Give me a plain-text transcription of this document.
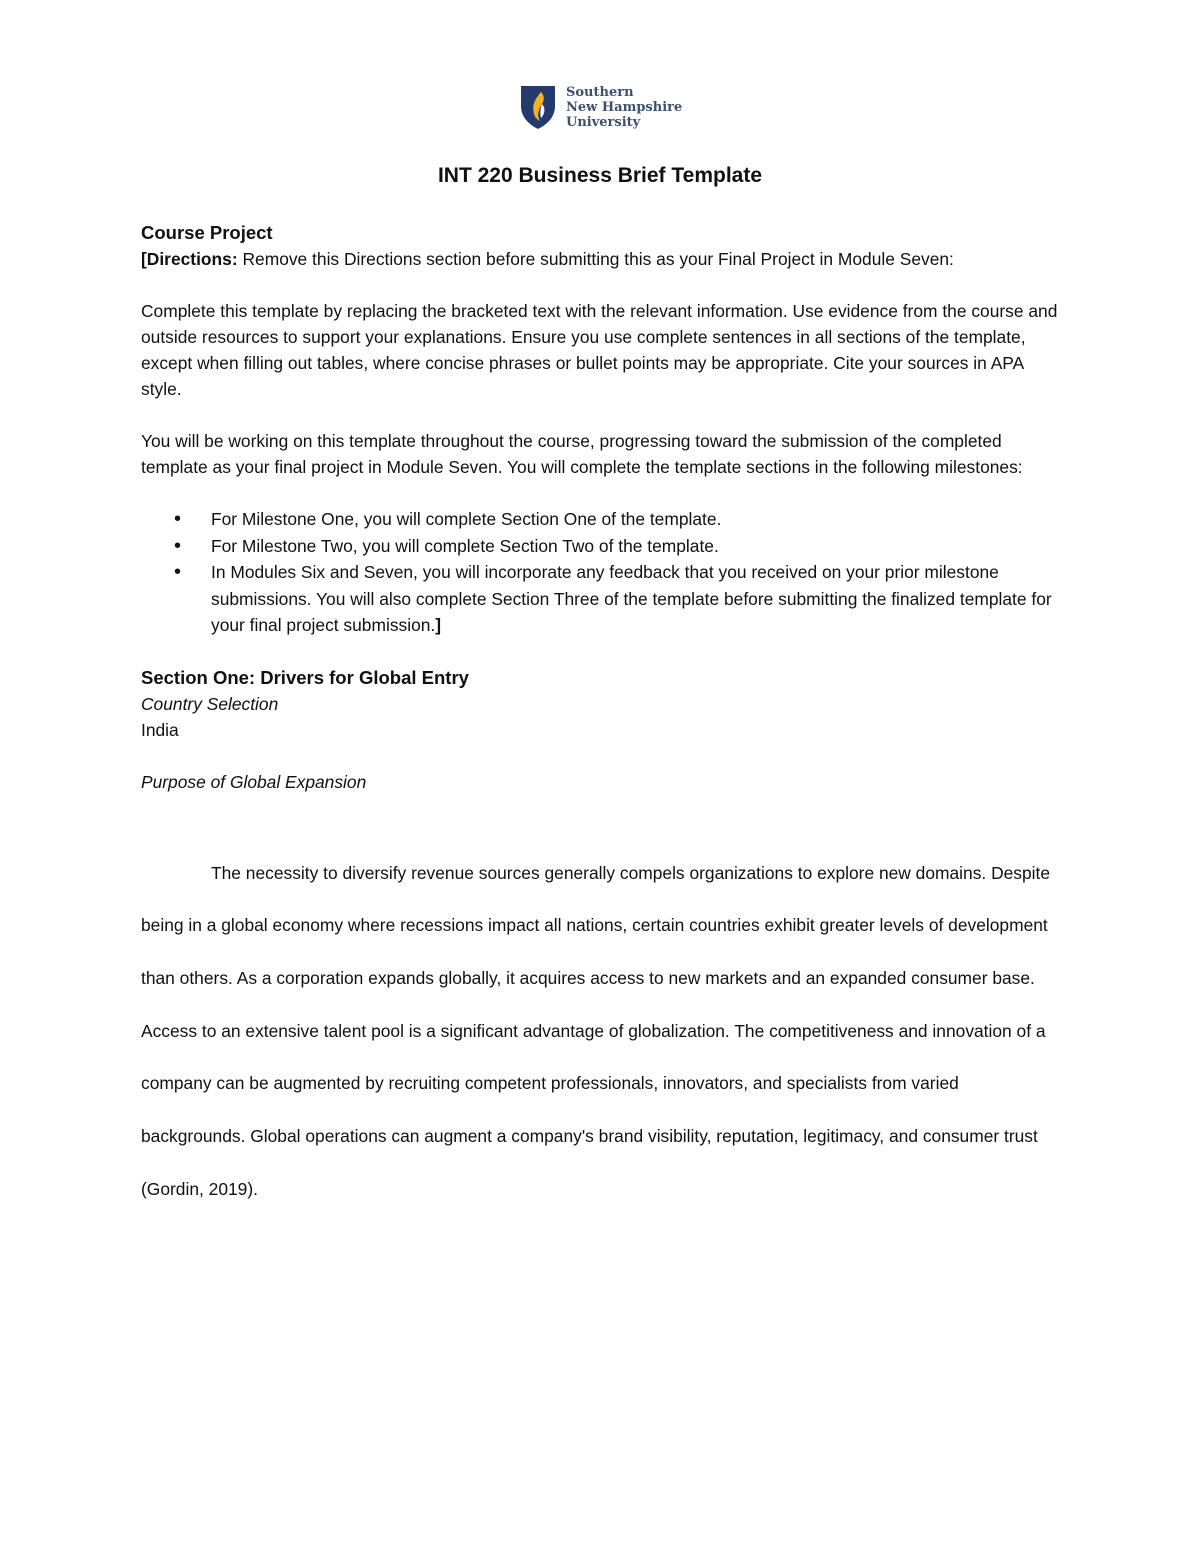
Southern
New Hampshire
University
INT 220 Business Brief Template

Course Project

[Directions: Remove this Directions section before submitting this as your Final Project in Module Seven:

Complete this template by replacing the bracketed text with the relevant information. Use evidence from the course and outside resources to support your explanations. Ensure you use complete sentences in all sections of the template, except when filling out tables, where concise phrases or bullet points may be appropriate. Cite your sources in APA style.

You will be working on this template throughout the course, progressing toward the submission of the completed template as your final project in Module Seven. You will complete the template sections in the following milestones:

• For Milestone One, you will complete Section One of the template.
• For Milestone Two, you will complete Section Two of the template.
• In Modules Six and Seven, you will incorporate any feedback that you received on your prior milestone submissions. You will also complete Section Three of the template before submitting the finalized template for your final project submission.]

Section One: Drivers for Global Entry

Country Selection

India

Purpose of Global Expansion

The necessity to diversify revenue sources generally compels organizations to explore new domains. Despite being in a global economy where recessions impact all nations, certain countries exhibit greater levels of development than others. As a corporation expands globally, it acquires access to new markets and an expanded consumer base. Access to an extensive talent pool is a significant advantage of globalization. The competitiveness and innovation of a company can be augmented by recruiting competent professionals, innovators, and specialists from varied backgrounds. Global operations can augment a company's brand visibility, reputation, legitimacy, and consumer trust (Gordin, 2019).
